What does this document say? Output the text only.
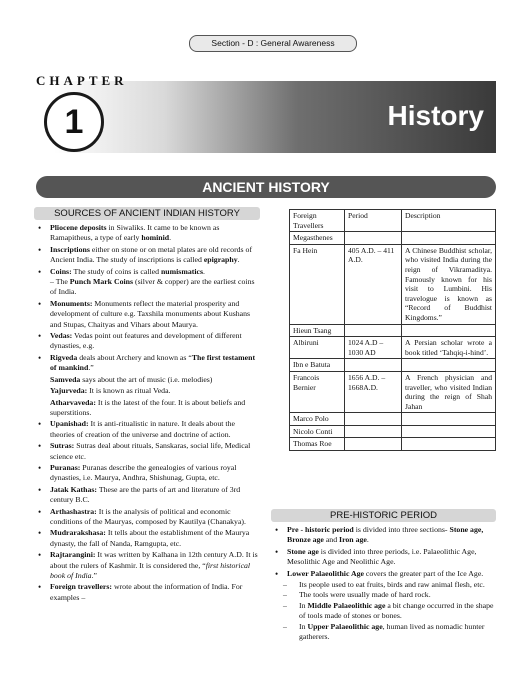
Section - D : General Awareness
CHAPTER
1	History
ANCIENT HISTORY
SOURCES OF ANCIENT INDIAN HISTORY
• Pliocene deposits in Siwaliks. It came to be known as Ramapitheus, a type of early hominid.
• Inscriptions either on stone or on metal plates are old records of Ancient India. The study of inscriptions is called epigraphy.
• Coins: The study of coins is called numismatics.
– The Punch Mark Coins (silver & copper) are the earliest coins of India.
• Monuments: Monuments reflect the material prosperity and development of culture e.g. Taxshila monuments about Kushans and Stupas, Chaityas and Vihars about Maurya.
• Vedas: Vedas point out features and development of different dynasties, e.g.
• Rigveda deals about Archery and known as “The first testament of mankind.”
Samveda says about the art of music (i.e. melodies)
Yajurveda: It is known as ritual Veda.
Atharvaveda: It is the latest of the four. It is about beliefs and superstitions.
• Upanishad: It is anti-ritualistic in nature. It deals about the theories of creation of the universe and doctrine of action.
• Sutras: Sutras deal about rituals, Sanskaras, social life, Medical science etc.
• Puranas: Puranas describe the genealogies of various royal dynasties, i.e. Maurya, Andhra, Shishunag, Gupta, etc.
• Jatak Kathas: These are the parts of art and literature of 3rd century B.C.
• Arthashastra: It is the analysis of political and economic conditions of the Mauryas, composed by Kautilya (Chanakya).
• Mudrarakshasa: It tells about the establishment of the Maurya dynasty, the fall of Nanda, Ramgupta, etc.
• Rajtarangini: It was written by Kalhana in 12th century A.D. It is about the rulers of Kashmir. It is considered the, “first historical book of India.”
• Foreign travellers: wrote about the information of India. For examples –
Foreign Travellers	Period	Description
Megasthenes		
Fa Hein	405 A.D. – 411 A.D.	A Chinese Buddhist scholar, who visited India during the reign of Vikramaditya. Famously known for his visit to Lumbini. His travelogue is known as “Record of Buddhist Kingdoms.”
Hieun Tsang		
Albiruni	1024 A.D – 1030 AD	A Persian scholar wrote a book titled ‘Tahqiq-i-hind’.
Ibn e Batuta		
Francois Bernier	1656 A.D. – 1668A.D.	A French physician and traveller, who visited Indian during the reign of Shah Jahan
Marco Polo		
Nicolo Conti		
Thomas Roe		
PRE-HISTORIC PERIOD
• Pre - historic period is divided into three sections- Stone age, Bronze age and Iron age.
• Stone age is divided into three periods, i.e. Palaeolithic Age, Mesolithic Age and Neolithic Age.
• Lower Palaeolithic Age covers the greater part of the Ice Age.
– Its people used to eat fruits, birds and raw animal flesh, etc.
– The tools were usually made of hard rock.
– In Middle Palaeolithic age a bit change occurred in the shape of tools made of stones or bones.
– In Upper Palaeolithic age, human lived as nomadic hunter gatherers.
